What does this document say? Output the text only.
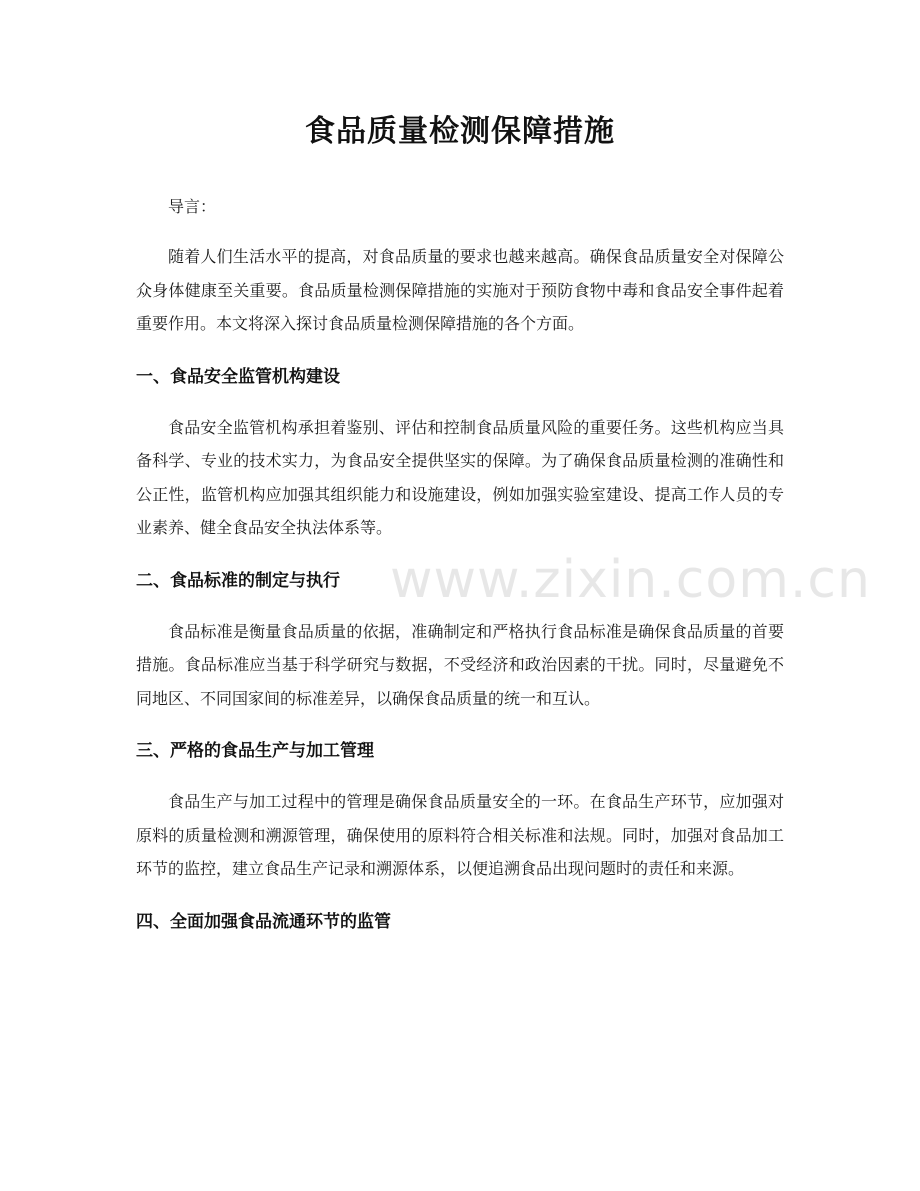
食品质量检测保障措施

导言：

随着人们生活水平的提高，对食品质量的要求也越来越高。确保食品质量安全对保障公众身体健康至关重要。食品质量检测保障措施的实施对于预防食物中毒和食品安全事件起着重要作用。本文将深入探讨食品质量检测保障措施的各个方面。

一、食品安全监管机构建设

食品安全监管机构承担着鉴别、评估和控制食品质量风险的重要任务。这些机构应当具备科学、专业的技术实力，为食品安全提供坚实的保障。为了确保食品质量检测的准确性和公正性，监管机构应加强其组织能力和设施建设，例如加强实验室建设、提高工作人员的专业素养、健全食品安全执法体系等。

二、食品标准的制定与执行

食品标准是衡量食品质量的依据，准确制定和严格执行食品标准是确保食品质量的首要措施。食品标准应当基于科学研究与数据，不受经济和政治因素的干扰。同时，尽量避免不同地区、不同国家间的标准差异，以确保食品质量的统一和互认。

三、严格的食品生产与加工管理

食品生产与加工过程中的管理是确保食品质量安全的一环。在食品生产环节，应加强对原料的质量检测和溯源管理，确保使用的原料符合相关标准和法规。同时，加强对食品加工环节的监控，建立食品生产记录和溯源体系，以便追溯食品出现问题时的责任和来源。

四、全面加强食品流通环节的监管
www.zixin.com.cn
